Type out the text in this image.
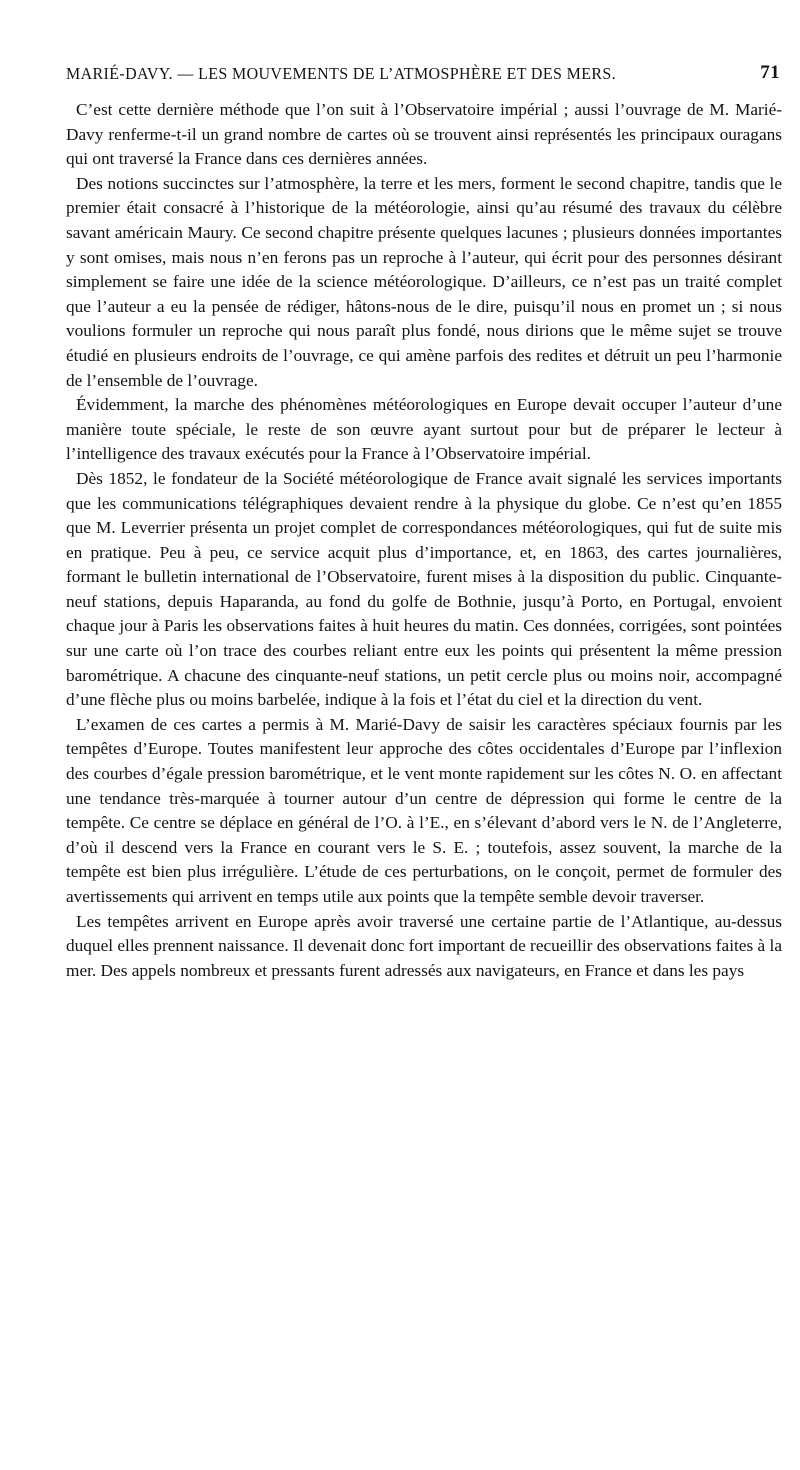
MARIÉ-DAVY. — LES MOUVEMENTS DE L’ATMOSPHÈRE ET DES MERS.	71

C’est cette dernière méthode que l’on suit à l’Observatoire impérial ; aussi l’ouvrage de M. Marié-Davy renferme-t-il un grand nombre de cartes où se trouvent ainsi représentés les principaux ouragans qui ont traversé la France dans ces dernières années.

Des notions succinctes sur l’atmosphère, la terre et les mers, forment le second chapitre, tandis que le premier était consacré à l’historique de la météorologie, ainsi qu’au résumé des travaux du célèbre savant américain Maury. Ce second chapitre présente quelques lacunes ; plusieurs données importantes y sont omises, mais nous n’en ferons pas un reproche à l’auteur, qui écrit pour des personnes désirant simplement se faire une idée de la science météorologique. D’ailleurs, ce n’est pas un traité complet que l’auteur a eu la pensée de rédiger, hâtons-nous de le dire, puisqu’il nous en promet un ; si nous voulions formuler un reproche qui nous paraît plus fondé, nous dirions que le même sujet se trouve étudié en plusieurs endroits de l’ouvrage, ce qui amène parfois des redites et détruit un peu l’harmonie de l’ensemble de l’ouvrage.

Évidemment, la marche des phénomènes météorologiques en Europe devait occuper l’auteur d’une manière toute spéciale, le reste de son œuvre ayant surtout pour but de préparer le lecteur à l’intelligence des travaux exécutés pour la France à l’Observatoire impérial.

Dès 1852, le fondateur de la Société météorologique de France avait signalé les services importants que les communications télégraphiques devaient rendre à la physique du globe. Ce n’est qu’en 1855 que M. Leverrier présenta un projet complet de correspondances météorologiques, qui fut de suite mis en pratique. Peu à peu, ce service acquit plus d’importance, et, en 1863, des cartes journalières, formant le bulletin international de l’Observatoire, furent mises à la disposition du public. Cinquante-neuf stations, depuis Haparanda, au fond du golfe de Bothnie, jusqu’à Porto, en Portugal, envoient chaque jour à Paris les observations faites à huit heures du matin. Ces données, corrigées, sont pointées sur une carte où l’on trace des courbes reliant entre eux les points qui présentent la même pression barométrique. A chacune des cinquante-neuf stations, un petit cercle plus ou moins noir, accompagné d’une flèche plus ou moins barbelée, indique à la fois et l’état du ciel et la direction du vent.

L’examen de ces cartes a permis à M. Marié-Davy de saisir les caractères spéciaux fournis par les tempêtes d’Europe. Toutes manifestent leur approche des côtes occidentales d’Europe par l’inflexion des courbes d’égale pression barométrique, et le vent monte rapidement sur les côtes N. O. en affectant une tendance très-marquée à tourner autour d’un centre de dépression qui forme le centre de la tempête. Ce centre se déplace en général de l’O. à l’E., en s’élevant d’abord vers le N. de l’Angleterre, d’où il descend vers la France en courant vers le S. E. ; toutefois, assez souvent, la marche de la tempête est bien plus irrégulière. L’étude de ces perturbations, on le conçoit, permet de formuler des avertissements qui arrivent en temps utile aux points que la tempête semble devoir traverser.

Les tempêtes arrivent en Europe après avoir traversé une certaine partie de l’Atlantique, au-dessus duquel elles prennent naissance. Il devenait donc fort important de recueillir des observations faites à la mer. Des appels nombreux et pressants furent adressés aux navigateurs, en France et dans les pays
